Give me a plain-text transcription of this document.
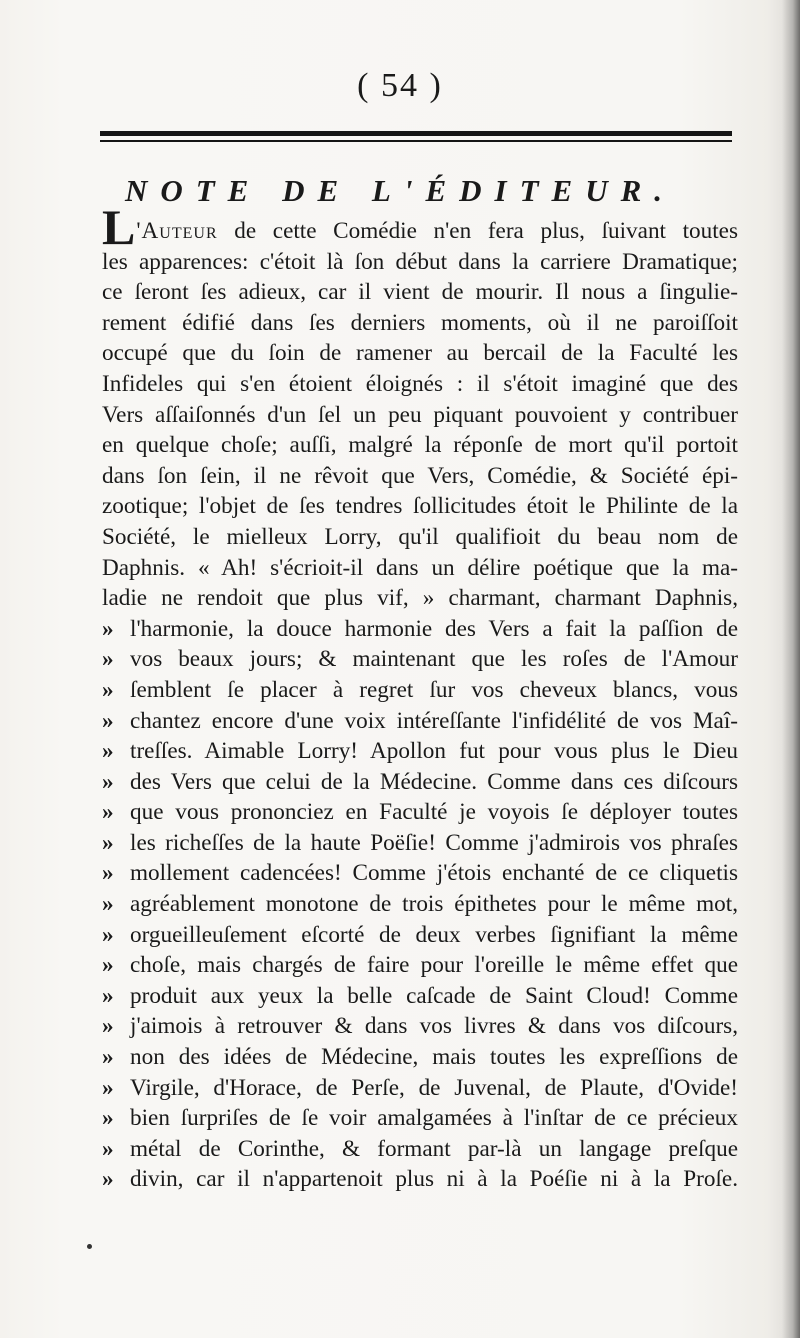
( 54 )
NOTE DE L'ÉDITEUR.
L'Auteur de cette Comédie n'en fera plus, ſuivant toutes
les apparences: c'étoit là ſon début dans la carriere Dramatique;
ce ſeront ſes adieux, car il vient de mourir. Il nous a ſingulie-
rement édifié dans ſes derniers moments, où il ne paroiſſoit
occupé que du ſoin de ramener au bercail de la Faculté les
Infideles qui s'en étoient éloignés : il s'étoit imaginé que des
Vers aſſaiſonnés d'un ſel un peu piquant pouvoient y contribuer
en quelque choſe; auſſi, malgré la réponſe de mort qu'il portoit
dans ſon ſein, il ne rêvoit que Vers, Comédie, & Société épi-
zootique; l'objet de ſes tendres ſollicitudes étoit le Philinte de la
Société, le mielleux Lorry, qu'il qualifioit du beau nom de
Daphnis. « Ah! s'écrioit-il dans un délire poétique que la ma-
ladie ne rendoit que plus vif, » charmant, charmant Daphnis,
» l'harmonie, la douce harmonie des Vers a fait la paſſion de
» vos beaux jours; & maintenant que les roſes de l'Amour
» ſemblent ſe placer à regret ſur vos cheveux blancs, vous
» chantez encore d'une voix intéreſſante l'infidélité de vos Maî-
» treſſes. Aimable Lorry! Apollon fut pour vous plus le Dieu
» des Vers que celui de la Médecine. Comme dans ces diſcours
» que vous prononciez en Faculté je voyois ſe déployer toutes
» les richeſſes de la haute Poëſie! Comme j'admirois vos phraſes
» mollement cadencées! Comme j'étois enchanté de ce cliquetis
» agréablement monotone de trois épithetes pour le même mot,
» orgueilleuſement eſcorté de deux verbes ſignifiant la même
» choſe, mais chargés de faire pour l'oreille le même effet que
» produit aux yeux la belle caſcade de Saint Cloud! Comme
» j'aimois à retrouver & dans vos livres & dans vos diſcours,
» non des idées de Médecine, mais toutes les expreſſions de
» Virgile, d'Horace, de Perſe, de Juvenal, de Plaute, d'Ovide!
» bien ſurpriſes de ſe voir amalgamées à l'inſtar de ce précieux
» métal de Corinthe, & formant par-là un langage preſque
» divin, car il n'appartenoit plus ni à la Poéſie ni à la Proſe.
